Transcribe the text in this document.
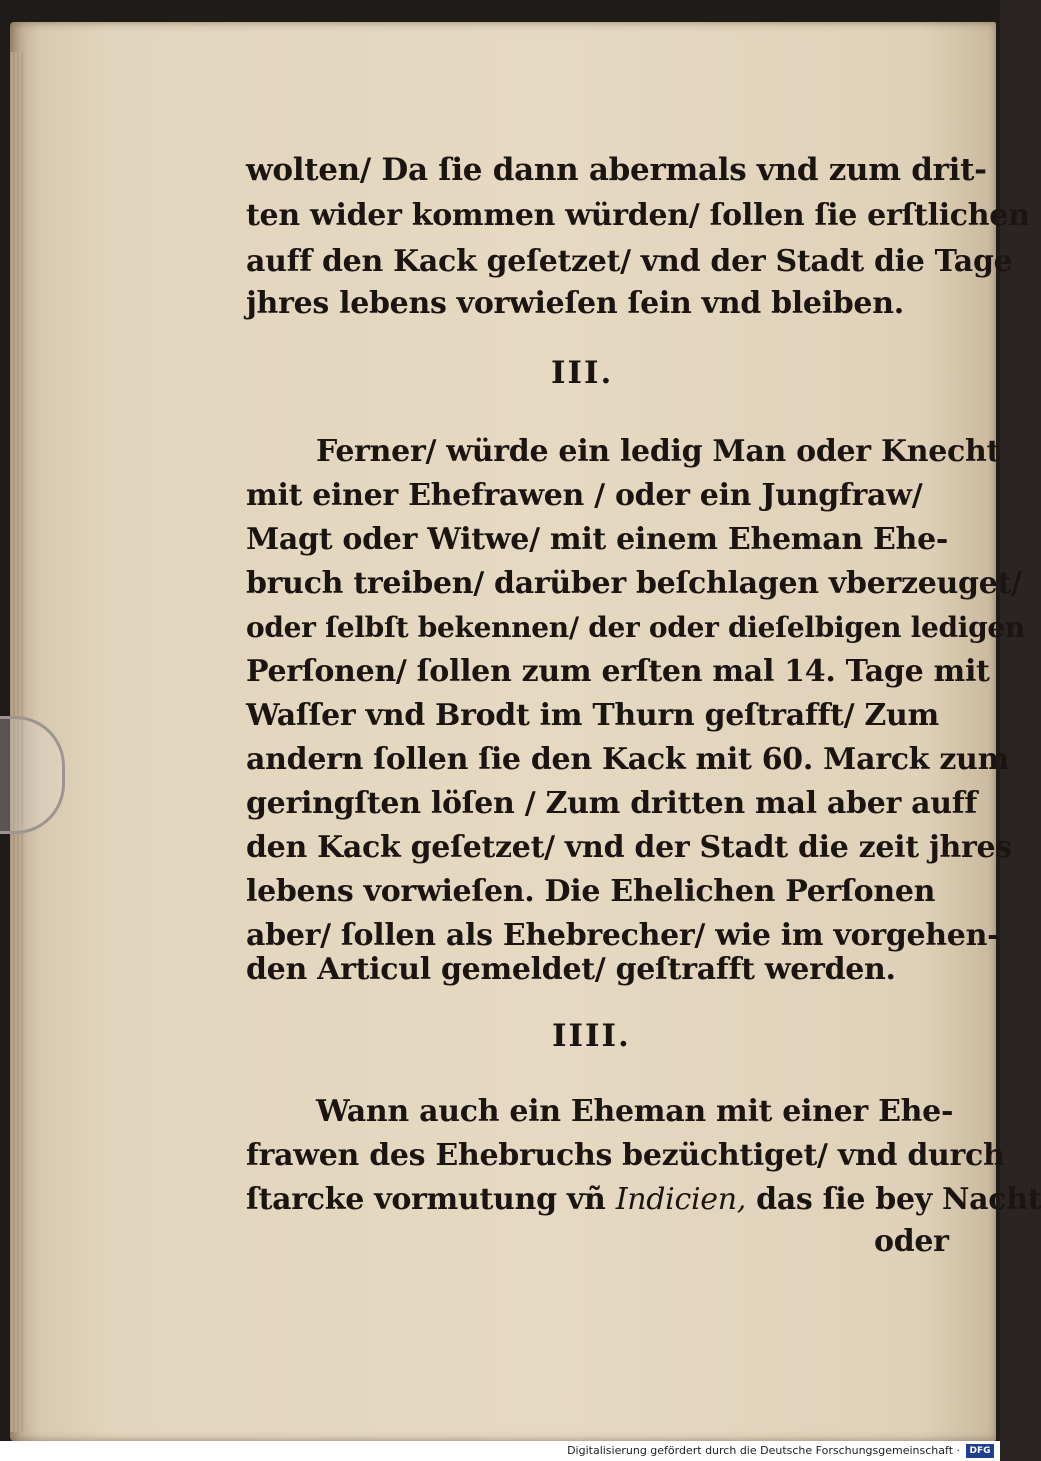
wolten/ Da ſie dann abermals vnd zum drit-
ten wider kommen würden/ ſollen ſie erſtlichen
auff den Kack geſetzet/ vnd der Stadt die Tage
jhres lebens vorwieſen ſein vnd bleiben.
III.
Ferner/ würde ein ledig Man oder Knecht
mit einer Ehefrawen / oder ein Jungfraw/
Magt oder Witwe/ mit einem Eheman Ehe-
bruch treiben/ darüber beſchlagen vberzeuget/
oder ſelbſt bekennen/ der oder dieſelbigen ledigen
Perſonen/ ſollen zum erſten mal 14. Tage mit
Waſſer vnd Brodt im Thurn geſtrafft/ Zum
andern ſollen ſie den Kack mit 60. Marck zum
geringſten löſen / Zum dritten mal aber auff
den Kack geſetzet/ vnd der Stadt die zeit jhres
lebens vorwieſen. Die Ehelichen Perſonen
aber/ ſollen als Ehebrecher/ wie im vorgehen-
den Articul gemeldet/ geſtrafft werden.
IIII.
Wann auch ein Eheman mit einer Ehe-
frawen des Ehebruchs bezüchtiget/ vnd durch
ſtarcke vormutung vñ Indicien, das ſie bey Nacht
oder
Digitalisierung gefördert durch die Deutsche Forschungsgemeinschaft ·	DFG
